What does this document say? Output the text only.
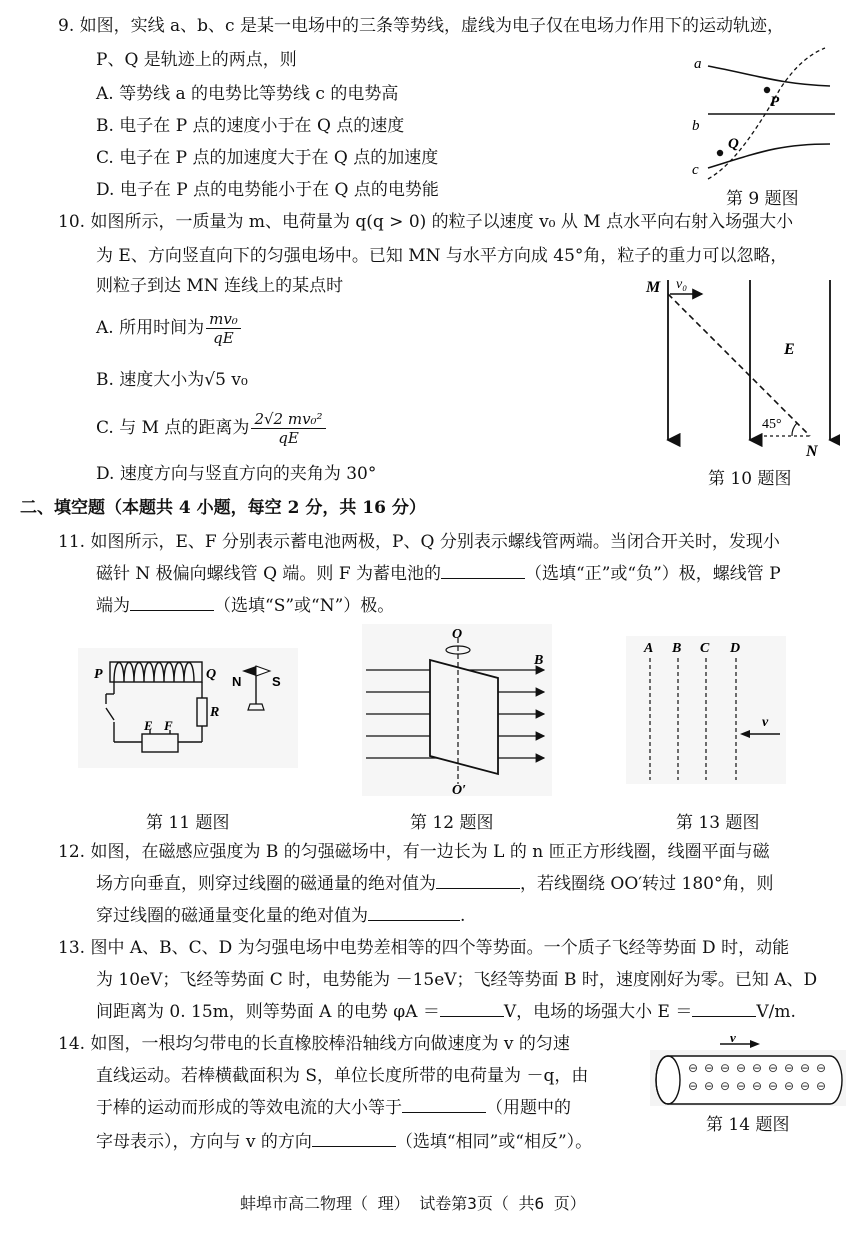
9. 如图，实线 a、b、c 是某一电场中的三条等势线，虚线为电子仅在电场力作用下的运动轨迹，
P、Q 是轨迹上的两点，则
A. 等势线 a 的电势比等势线 c 的电势高
B. 电子在 P 点的速度小于在 Q 点的速度
C. 电子在 P 点的加速度大于在 Q 点的加速度
D. 电子在 P 点的电势能小于在 Q 点的电势能
a
b
c
P
Q
第 9 题图
10. 如图所示，一质量为 m、电荷量为 q(q > 0) 的粒子以速度 v₀ 从 M 点水平向右射入场强大小
为 E、方向竖直向下的匀强电场中。已知 MN 与水平方向成 45°角，粒子的重力可以忽略，
则粒子到达 MN 连线上的某点时
A. 所用时间为 $\frac{\text{mv₀}}{qE}$
B. 速度大小为√5 v₀
C. 与 M 点的距离为 $\frac{\text{2√2 mv₀²}}{qE}$
D. 速度方向与竖直方向的夹角为 30°
M v₀
E
45°
N
第 10 题图
二、填空题（本题共 4 小题，每空 2 分，共 16 分）
11. 如图所示，E、F 分别表示蓄电池两极，P、Q 分别表示螺线管两端。当闭合开关时，发现小
磁针 N 极偏向螺线管 Q 端。则 F 为蓄电池的	（选填“正”或“负”）极，螺线管 P
端为	（选填“S”或“N”）极。
P	Q
R
E F
N S
第 11 题图
O
B
O′
第 12 题图
A B C D
v
第 13 题图
12. 如图，在磁感应强度为 B 的匀强磁场中，有一边长为 L 的 n 匝正方形线圈，线圈平面与磁
场方向垂直，则穿过线圈的磁通量的绝对值为	，若线圈绕 OO′转过 180°角，则
穿过线圈的磁通量变化量的绝对值为	.
13. 图中 A、B、C、D 为匀强电场中电势差相等的四个等势面。一个质子飞经等势面 D 时，动能
为 10eV；飞经等势面 C 时，电势能为 －15eV；飞经等势面 B 时，速度刚好为零。已知 A、D
间距离为 0. 15m，则等势面 A 的电势 φA ＝	V，电场的场强大小 E ＝	V/m.
14. 如图，一根均匀带电的长直橡胶棒沿轴线方向做速度为 v 的匀速
直线运动。若棒横截面积为 S，单位长度所带的电荷量为 －q，由
于棒的运动而形成的等效电流的大小等于	（用题中的
字母表示），方向与 v 的方向	（选填“相同”或“相反”）。
v
⊖ ⊖ ⊖ ⊖ ⊖ ⊖ ⊖ ⊖ ⊖
⊖ ⊖ ⊖ ⊖ ⊖ ⊖ ⊖ ⊖ ⊖
第 14 题图
蚌埠市高二物理（ 理） 试卷第3页（ 共6 页）
